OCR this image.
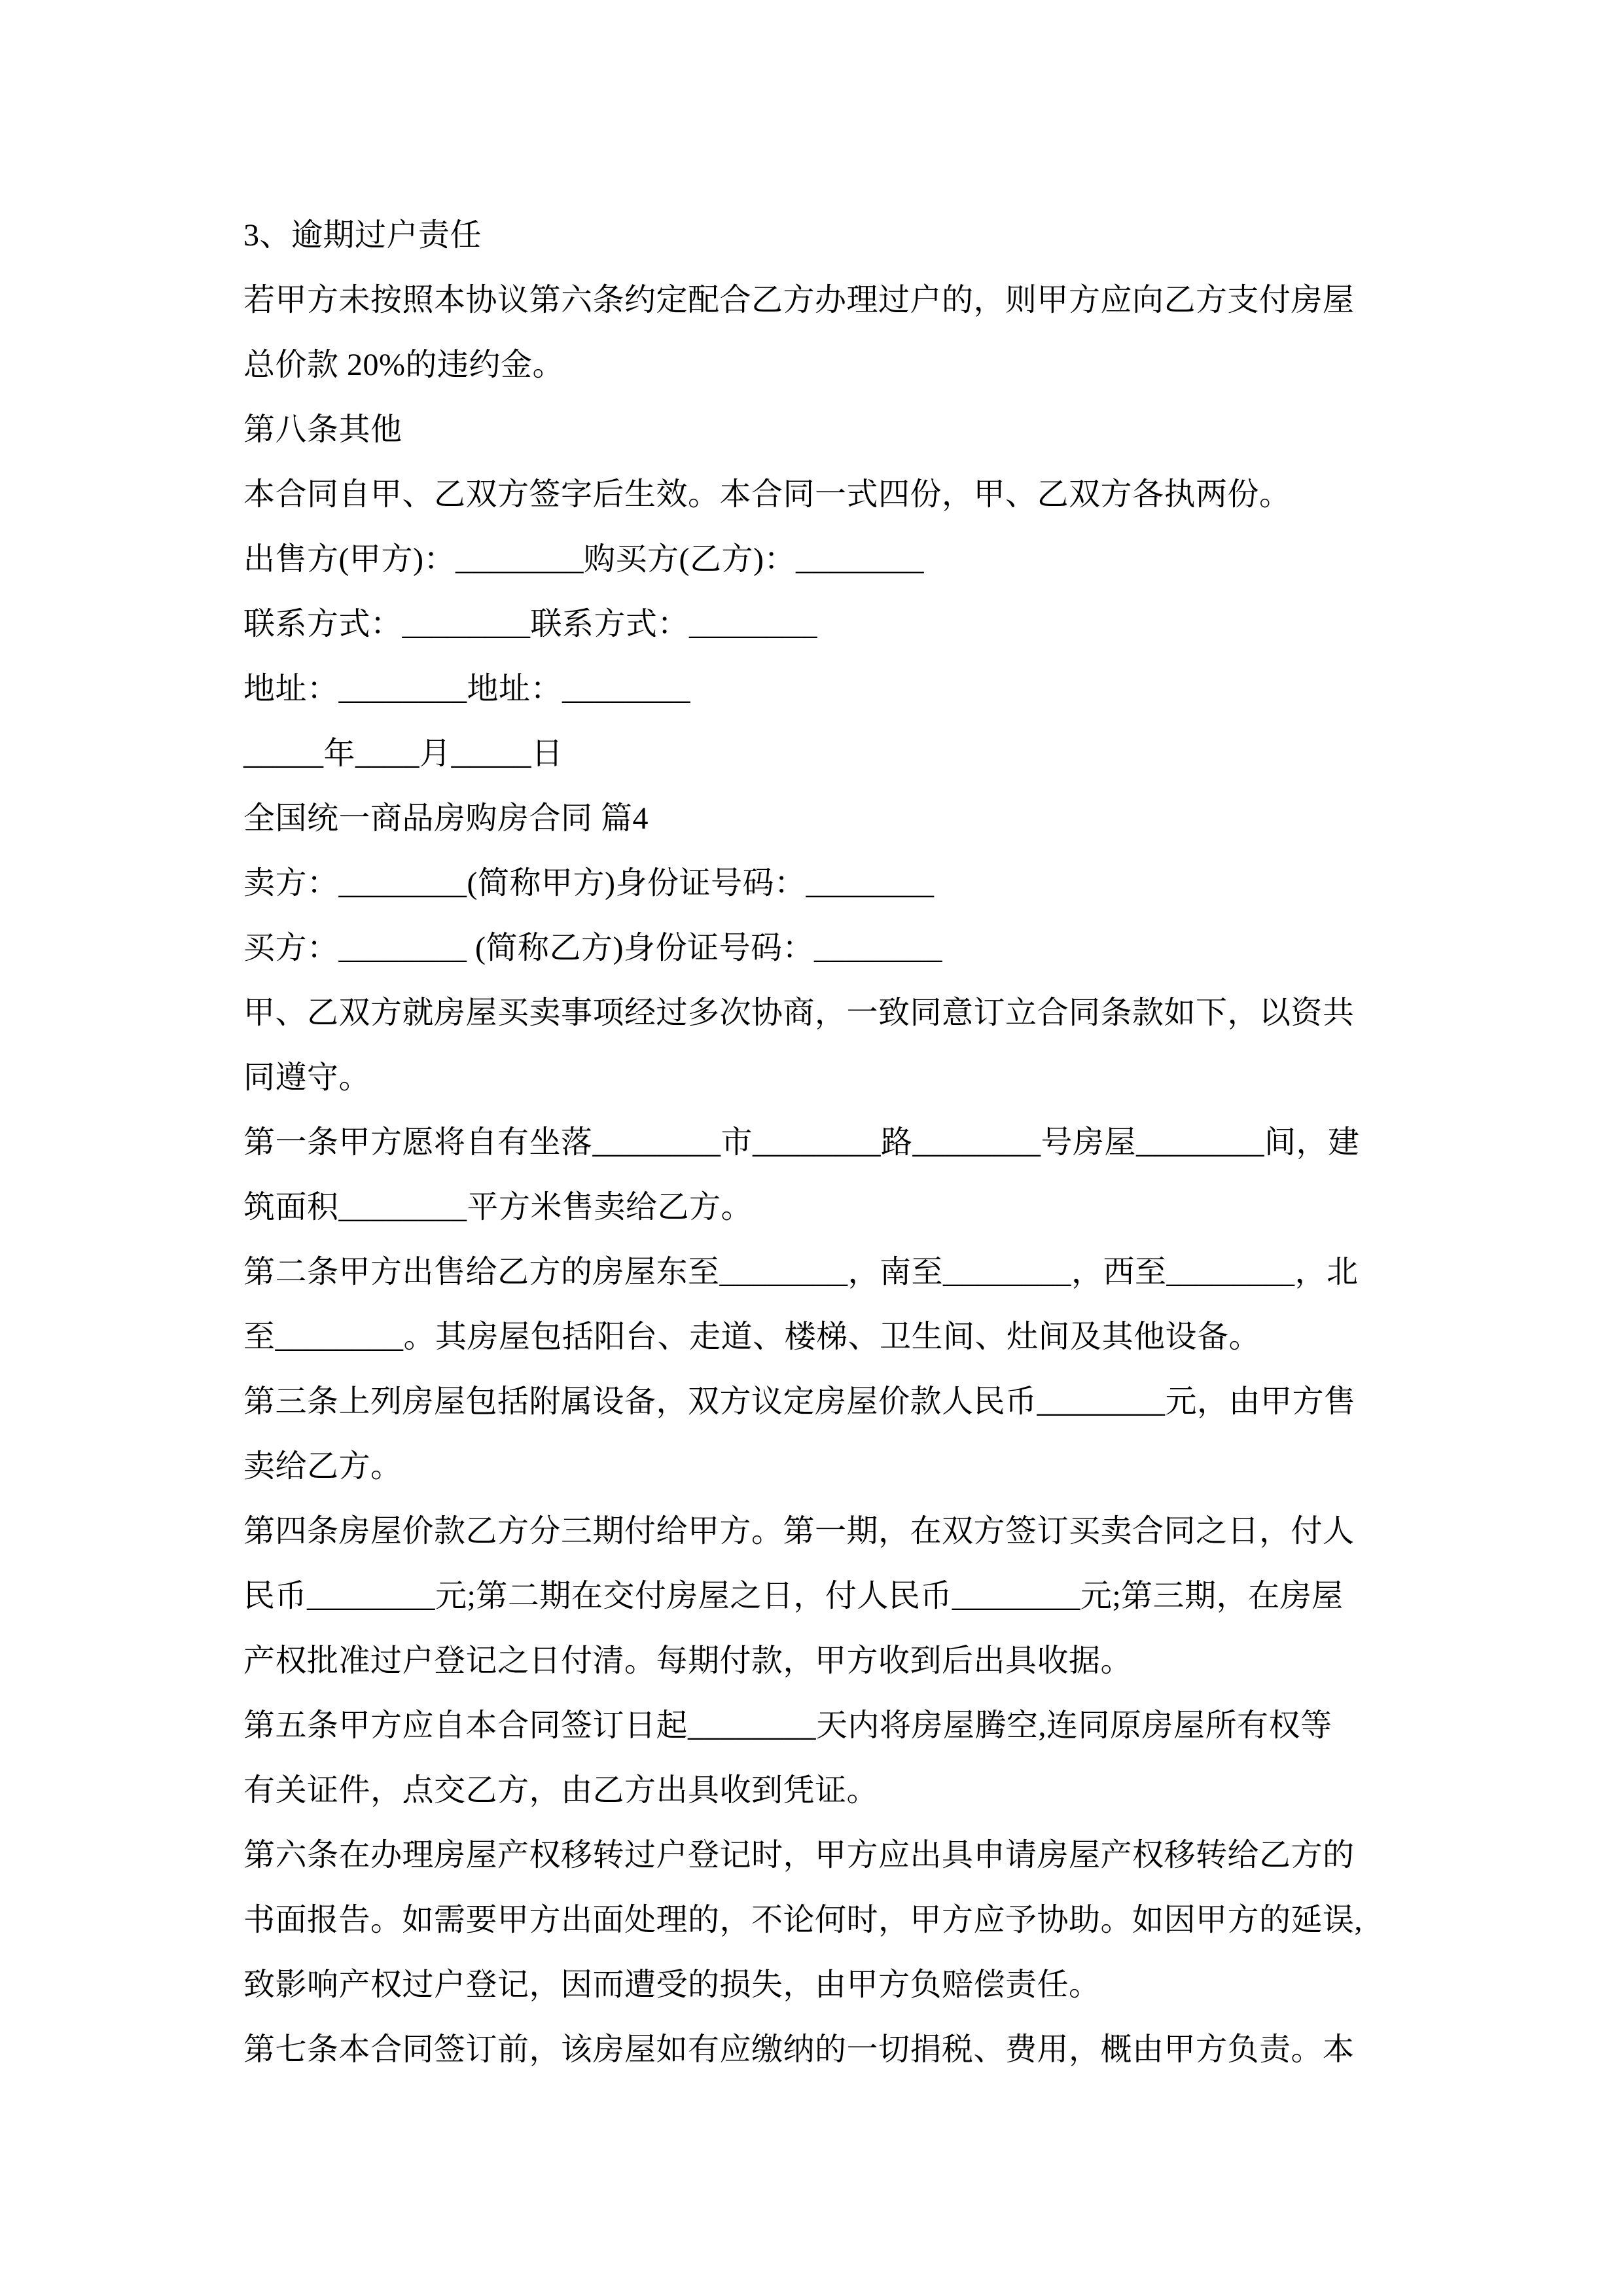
3、逾期过户责任
若甲方未按照本协议第六条约定配合乙方办理过户的，则甲方应向乙方支付房屋
总价款 20%的违约金。
第八条其他
本合同自甲、乙双方签字后生效。本合同一式四份，甲、乙双方各执两份。
出售方(甲方)：________购买方(乙方)：________
联系方式：________联系方式：________
地址：________地址：________
_____年____月_____日
全国统一商品房购房合同 篇4
卖方：________(简称甲方)身份证号码：________
买方：________ (简称乙方)身份证号码：________
甲、乙双方就房屋买卖事项经过多次协商，一致同意订立合同条款如下，以资共
同遵守。
第一条甲方愿将自有坐落________市________路________号房屋________间，建
筑面积________平方米售卖给乙方。
第二条甲方出售给乙方的房屋东至________，南至________，西至________，北
至________。其房屋包括阳台、走道、楼梯、卫生间、灶间及其他设备。
第三条上列房屋包括附属设备，双方议定房屋价款人民币________元，由甲方售
卖给乙方。
第四条房屋价款乙方分三期付给甲方。第一期，在双方签订买卖合同之日，付人
民币________元;第二期在交付房屋之日，付人民币________元;第三期，在房屋
产权批准过户登记之日付清。每期付款，甲方收到后出具收据。
第五条甲方应自本合同签订日起________天内将房屋腾空,连同原房屋所有权等
有关证件，点交乙方，由乙方出具收到凭证。
第六条在办理房屋产权移转过户登记时，甲方应出具申请房屋产权移转给乙方的
书面报告。如需要甲方出面处理的，不论何时，甲方应予协助。如因甲方的延误,
致影响产权过户登记，因而遭受的损失，由甲方负赔偿责任。
第七条本合同签订前，该房屋如有应缴纳的一切捐税、费用，概由甲方负责。本
